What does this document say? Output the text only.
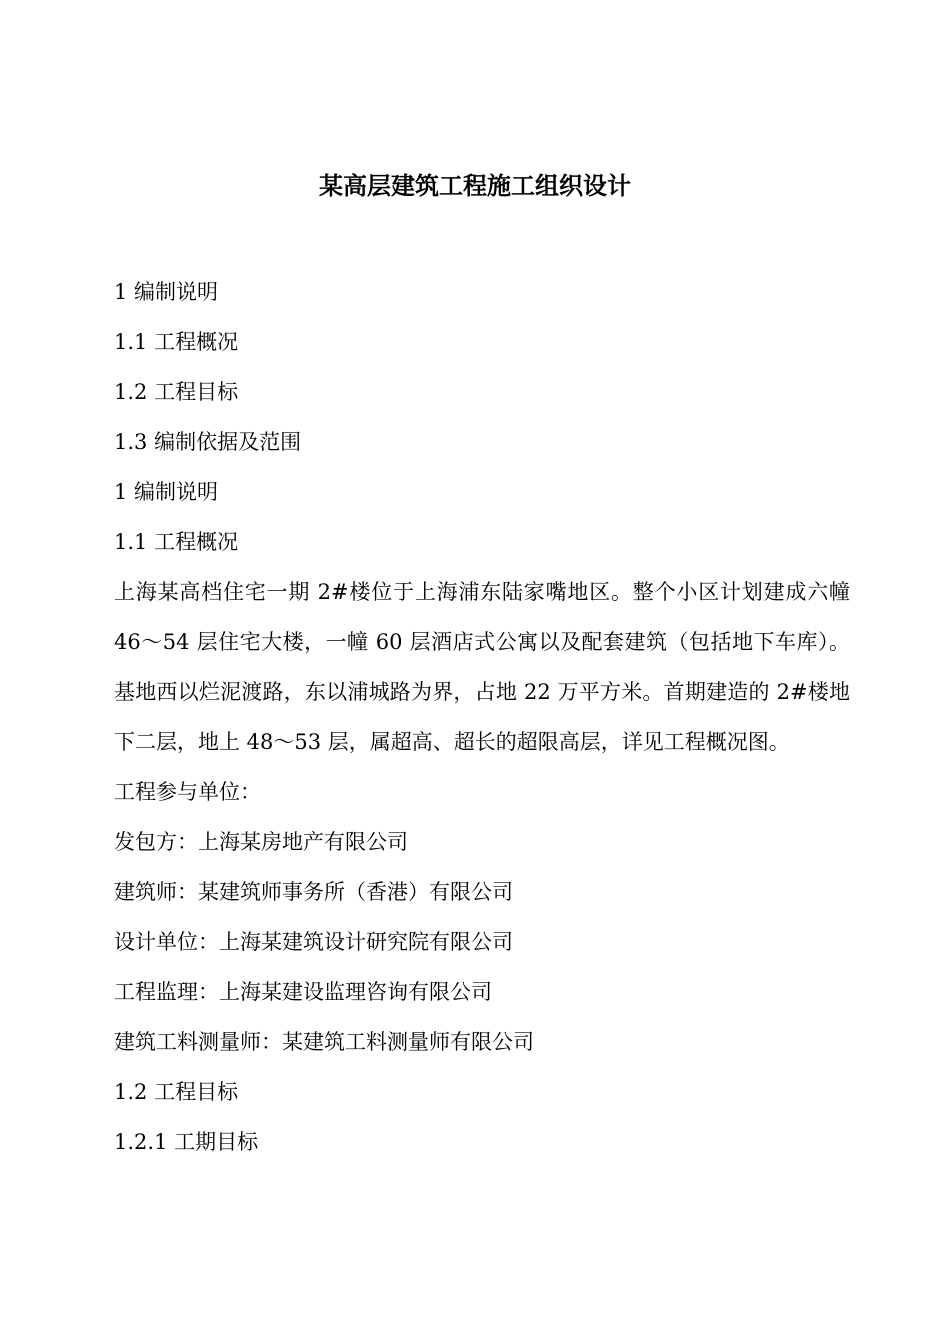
某高层建筑工程施工组织设计

1 编制说明

1.1 工程概况

1.2 工程目标

1.3 编制依据及范围

1 编制说明

1.1 工程概况

上海某高档住宅一期 2#楼位于上海浦东陆家嘴地区。整个小区计划建成六幢 46～54 层住宅大楼，一幢 60 层酒店式公寓以及配套建筑（包括地下车库）。基地西以烂泥渡路，东以浦城路为界，占地 22 万平方米。首期建造的 2#楼地下二层，地上 48～53 层，属超高、超长的超限高层，详见工程概况图。

工程参与单位：

发包方：上海某房地产有限公司

建筑师：某建筑师事务所（香港）有限公司

设计单位：上海某建筑设计研究院有限公司

工程监理：上海某建设监理咨询有限公司

建筑工料测量师：某建筑工料测量师有限公司

1.2 工程目标

1.2.1 工期目标
